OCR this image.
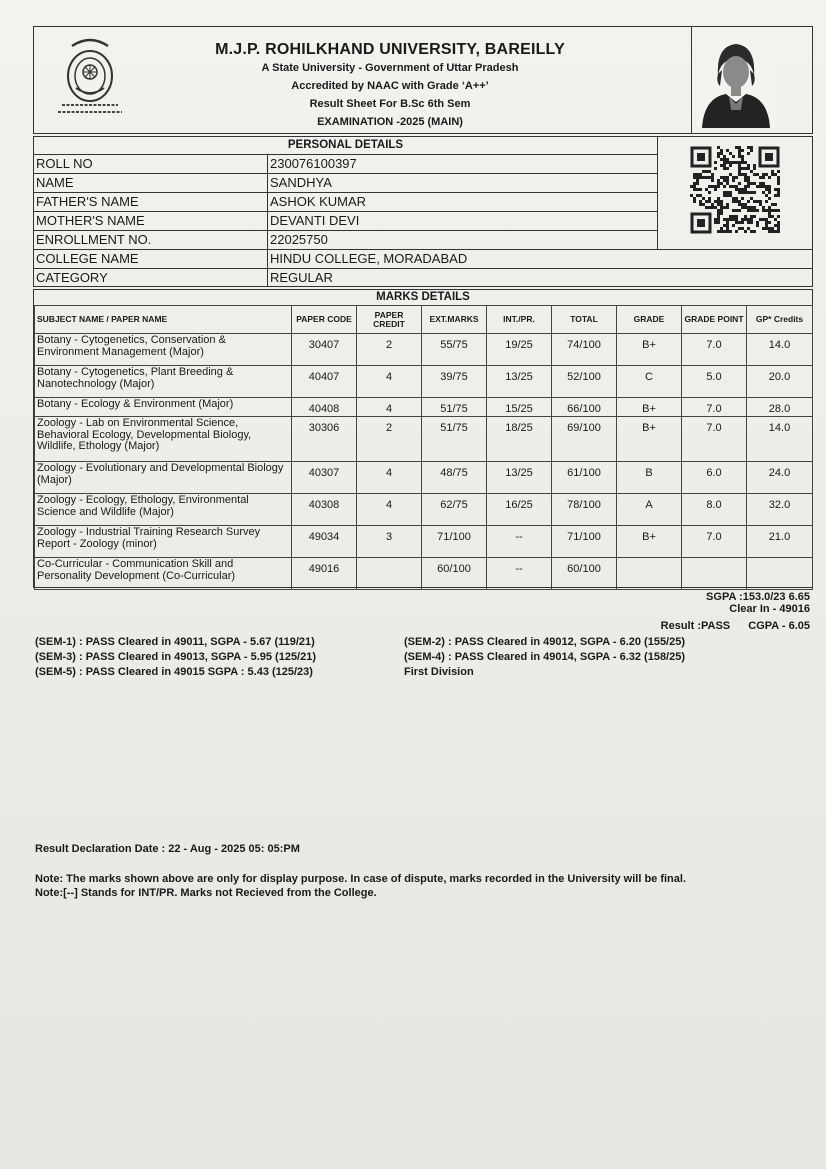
M.J.P. ROHILKHAND UNIVERSITY, BAREILLY
A State University - Government of Uttar Pradesh
Accredited by NAAC with Grade ‘A++’
Result Sheet For B.Sc 6th Sem
EXAMINATION -2025 (MAIN)
PERSONAL DETAILS
ROLL NO	230076100397
NAME	SANDHYA
FATHER'S NAME	ASHOK KUMAR
MOTHER'S NAME	DEVANTI DEVI
ENROLLMENT NO.	22025750
COLLEGE NAME	HINDU COLLEGE, MORADABAD
CATEGORY	REGULAR
MARKS DETAILS
SUBJECT NAME / PAPER NAME	PAPER CODE	PAPER CREDIT	EXT.MARKS	INT./PR.	TOTAL	GRADE	GRADE POINT	GP* Credits
Botany - Cytogenetics, Conservation & Environment Management (Major)	30407	2	55/75	19/25	74/100	B+	7.0	14.0
Botany - Cytogenetics, Plant Breeding & Nanotechnology (Major)	40407	4	39/75	13/25	52/100	C	5.0	20.0
Botany - Ecology & Environment (Major)	40408	4	51/75	15/25	66/100	B+	7.0	28.0
Zoology - Lab on Environmental Science, Behavioral Ecology, Developmental Biology, Wildlife, Ethology (Major)	30306	2	51/75	18/25	69/100	B+	7.0	14.0
Zoology - Evolutionary and Developmental Biology (Major)	40307	4	48/75	13/25	61/100	B	6.0	24.0
Zoology - Ecology, Ethology, Environmental Science and Wildlife (Major)	40308	4	62/75	16/25	78/100	A	8.0	32.0
Zoology - Industrial Training Research Survey Report - Zoology (minor)	49034	3	71/100	--	71/100	B+	7.0	21.0
Co-Curricular - Communication Skill and Personality Development (Co-Curricular)	49016		60/100	--	60/100			
SGPA :153.0/23 6.65
Clear In - 49016
Result :PASS CGPA - 6.05
(SEM-1) : PASS Cleared in 49011, SGPA - 5.67 (119/21)	(SEM-2) : PASS Cleared in 49012, SGPA - 6.20 (155/25)
(SEM-3) : PASS Cleared in 49013, SGPA - 5.95 (125/21)	(SEM-4) : PASS Cleared in 49014, SGPA - 6.32 (158/25)
(SEM-5) : PASS Cleared in 49015 SGPA : 5.43 (125/23)	First Division
Result Declaration Date : 22 - Aug - 2025 05: 05:PM
Note: The marks shown above are only for display purpose. In case of dispute, marks recorded in the University will be final.
Note:[--] Stands for INT/PR. Marks not Recieved from the College.
